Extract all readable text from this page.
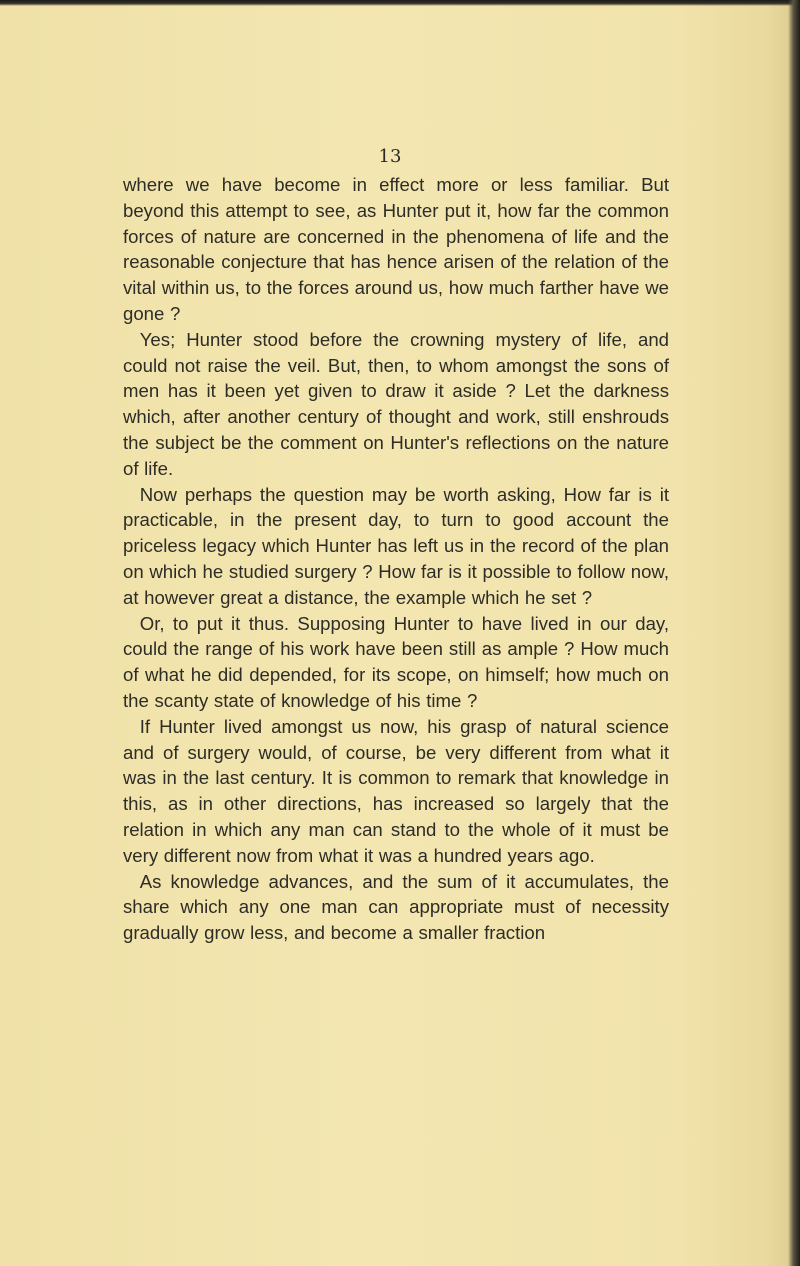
13

where we have become in effect more or less familiar. But beyond this attempt to see, as Hunter put it, how far the common forces of nature are concerned in the phenomena of life and the reasonable conjecture that has hence arisen of the relation of the vital within us, to the forces around us, how much farther have we gone ?

Yes; Hunter stood before the crowning mystery of life, and could not raise the veil. But, then, to whom amongst the sons of men has it been yet given to draw it aside ? Let the darkness which, after another century of thought and work, still enshrouds the subject be the comment on Hunter's reflections on the nature of life.

Now perhaps the question may be worth asking, How far is it practicable, in the present day, to turn to good account the priceless legacy which Hunter has left us in the record of the plan on which he studied surgery ? How far is it possible to follow now, at however great a distance, the example which he set ?

Or, to put it thus. Supposing Hunter to have lived in our day, could the range of his work have been still as ample ? How much of what he did depended, for its scope, on himself; how much on the scanty state of knowledge of his time ?

If Hunter lived amongst us now, his grasp of natural science and of surgery would, of course, be very different from what it was in the last century. It is common to remark that knowledge in this, as in other directions, has increased so largely that the relation in which any man can stand to the whole of it must be very different now from what it was a hundred years ago.

As knowledge advances, and the sum of it accumulates, the share which any one man can appropriate must of necessity gradually grow less, and become a smaller fraction
